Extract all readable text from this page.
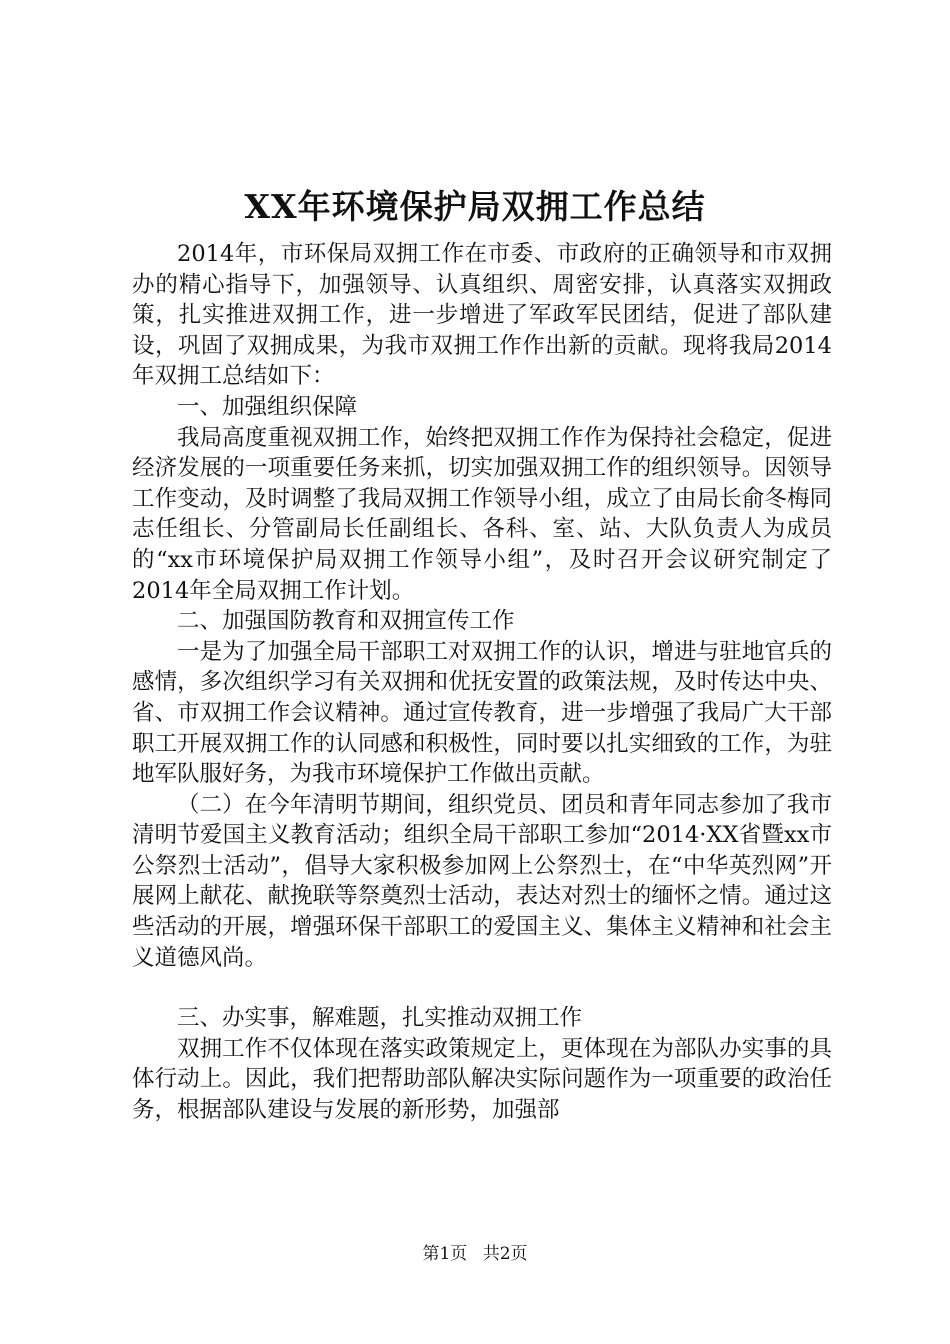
XX年环境保护局双拥工作总结

2014年，市环保局双拥工作在市委、市政府的正确领导和市双拥办的精心指导下，加强领导、认真组织、周密安排，认真落实双拥政策，扎实推进双拥工作，进一步增进了军政军民团结，促进了部队建设，巩固了双拥成果，为我市双拥工作作出新的贡献。现将我局2014年双拥工总结如下：

一、加强组织保障

我局高度重视双拥工作，始终把双拥工作作为保持社会稳定，促进经济发展的一项重要任务来抓，切实加强双拥工作的组织领导。因领导工作变动，及时调整了我局双拥工作领导小组，成立了由局长俞冬梅同志任组长、分管副局长任副组长、各科、室、站、大队负责人为成员的“xx市环境保护局双拥工作领导小组”，及时召开会议研究制定了2014年全局双拥工作计划。

二、加强国防教育和双拥宣传工作

一是为了加强全局干部职工对双拥工作的认识，增进与驻地官兵的感情，多次组织学习有关双拥和优抚安置的政策法规，及时传达中央、省、市双拥工作会议精神。通过宣传教育，进一步增强了我局广大干部职工开展双拥工作的认同感和积极性，同时要以扎实细致的工作，为驻地军队服好务，为我市环境保护工作做出贡献。

（二）在今年清明节期间，组织党员、团员和青年同志参加了我市清明节爱国主义教育活动；组织全局干部职工参加“2014·XX省暨xx市公祭烈士活动”，倡导大家积极参加网上公祭烈士，在“中华英烈网”开展网上献花、献挽联等祭奠烈士活动，表达对烈士的缅怀之情。通过这些活动的开展，增强环保干部职工的爱国主义、集体主义精神和社会主义道德风尚。

三、办实事，解难题，扎实推动双拥工作

双拥工作不仅体现在落实政策规定上，更体现在为部队办实事的具体行动上。因此，我们把帮助部队解决实际问题作为一项重要的政治任务，根据部队建设与发展的新形势，加强部

第1页 共2页
